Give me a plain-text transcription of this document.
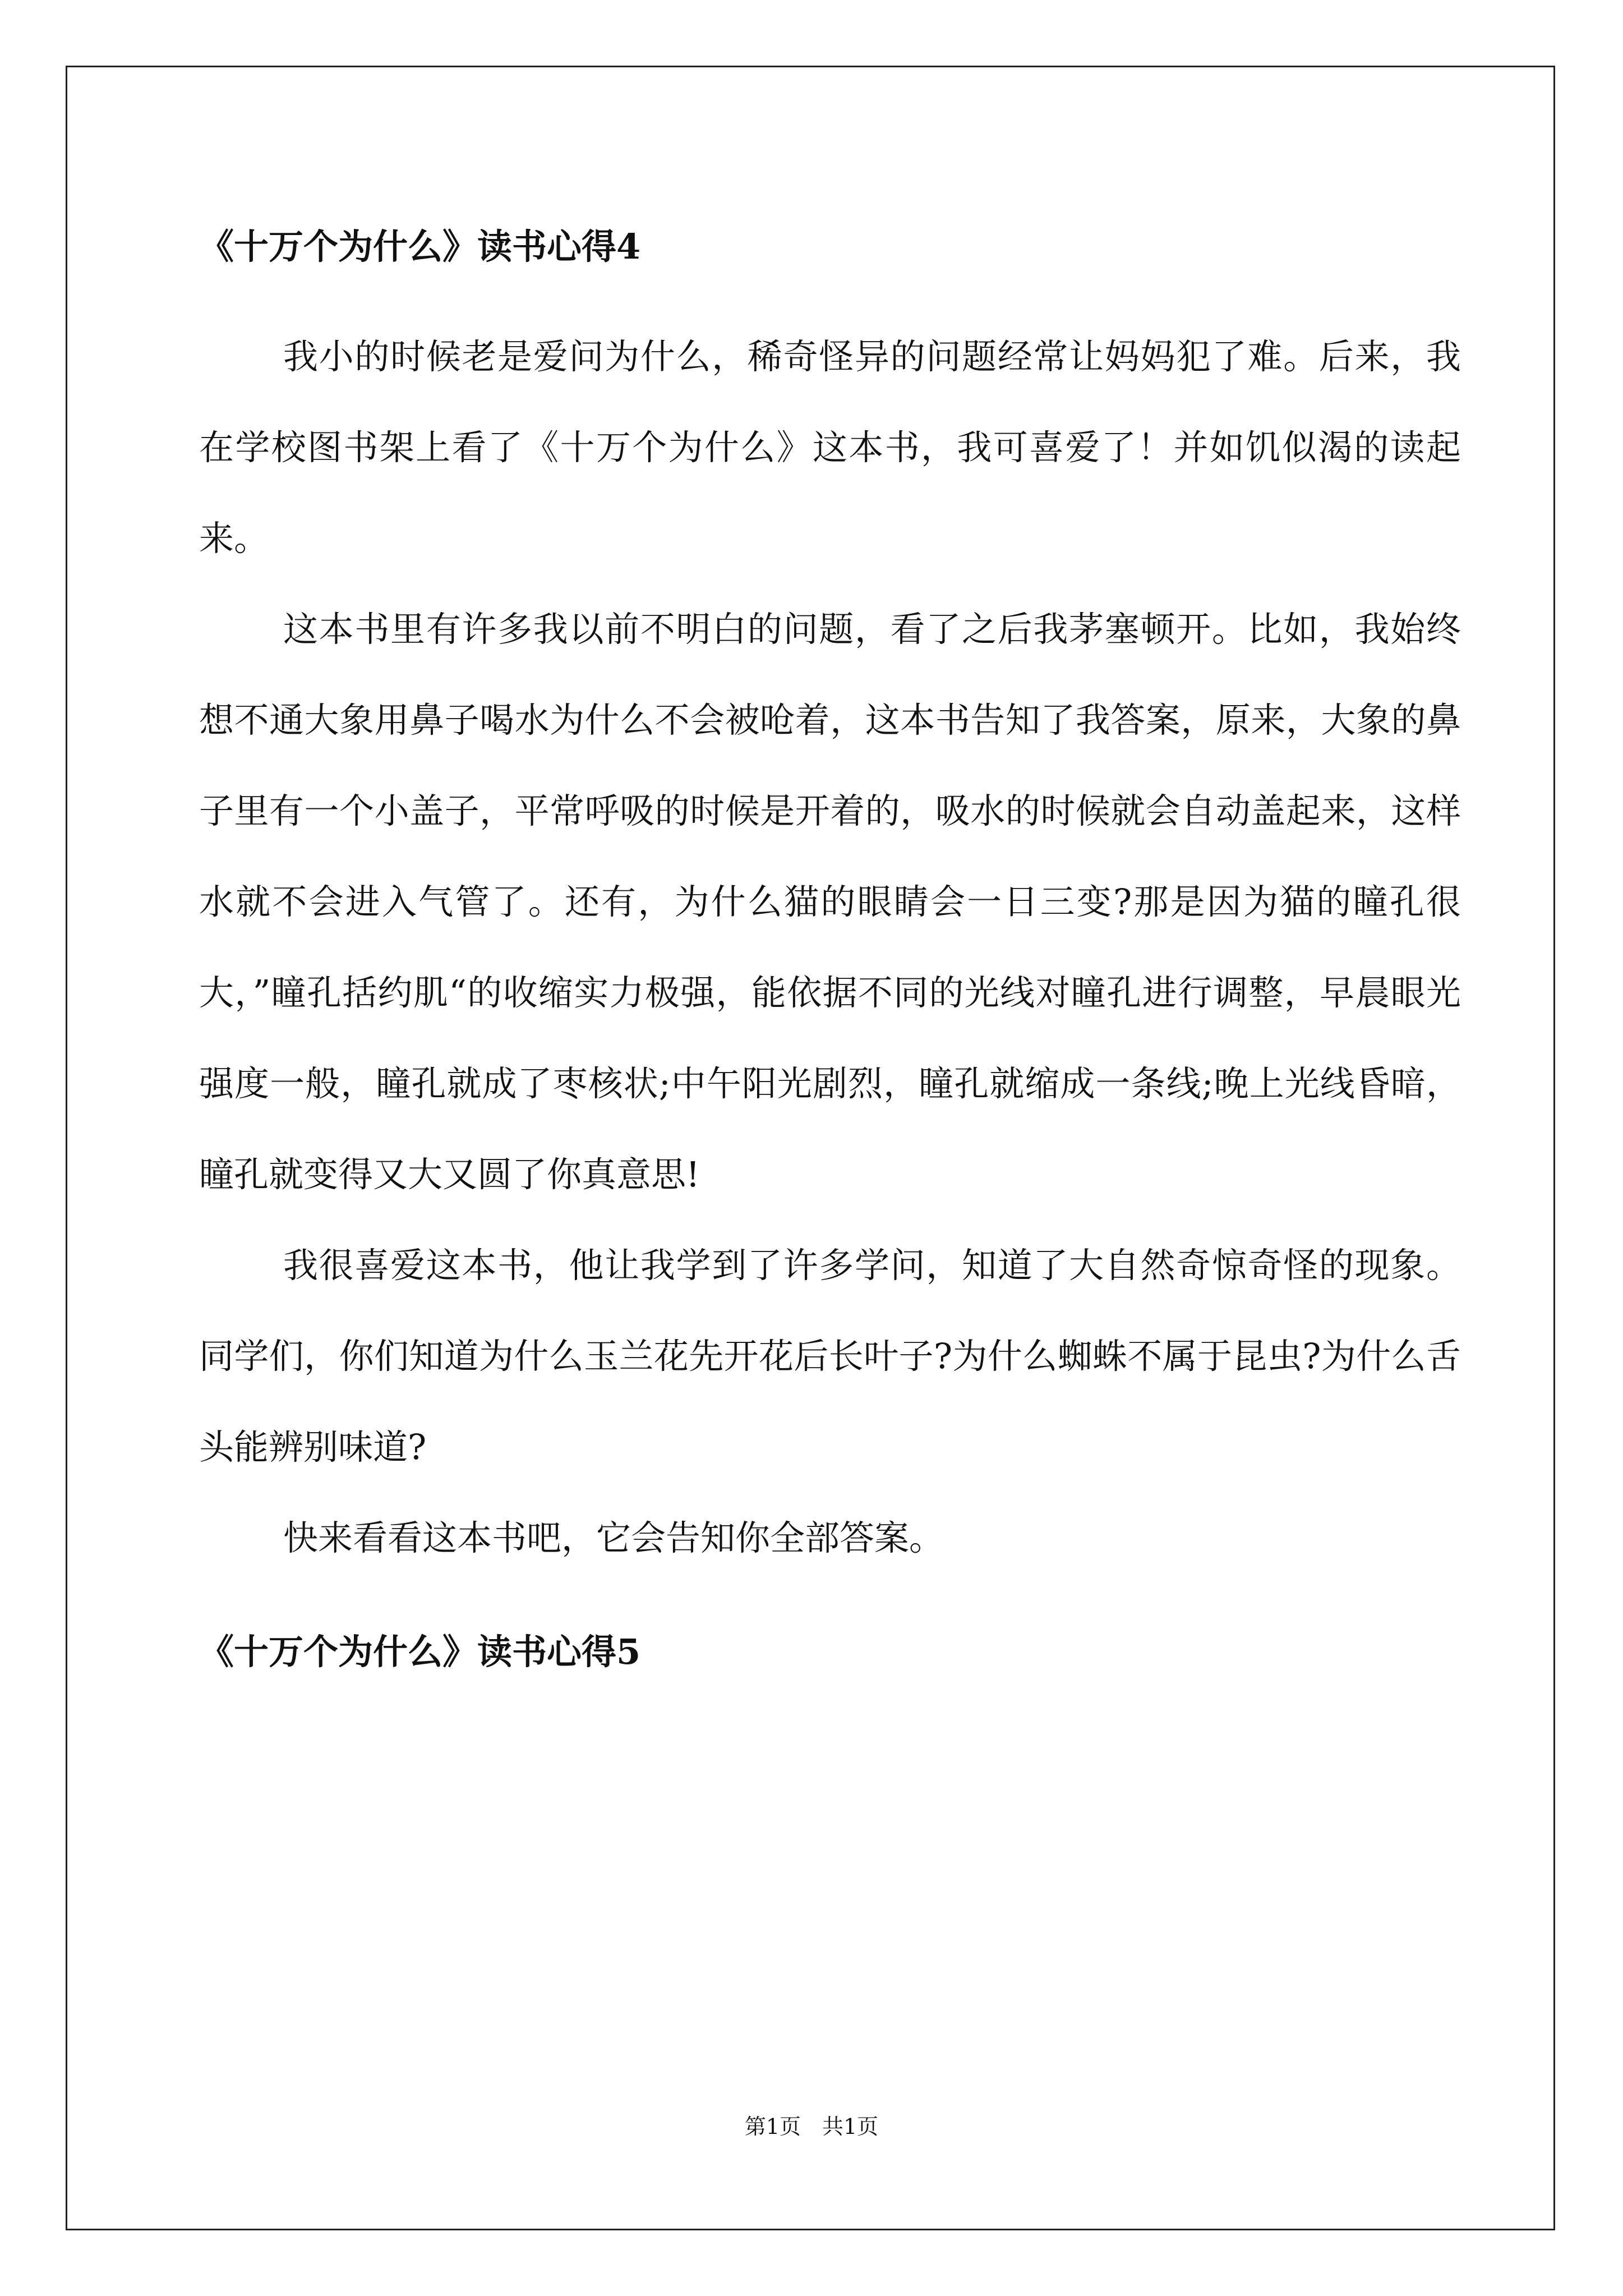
《十万个为什么》读书心得4

我小的时候老是爱问为什么，稀奇怪异的问题经常让妈妈犯了难。后来，我在学校图书架上看了《十万个为什么》这本书，我可喜爱了！并如饥似渴的读起来。

这本书里有许多我以前不明白的问题，看了之后我茅塞顿开。比如，我始终想不通大象用鼻子喝水为什么不会被呛着，这本书告知了我答案，原来，大象的鼻子里有一个小盖子，平常呼吸的时候是开着的，吸水的时候就会自动盖起来，这样水就不会进入气管了。还有，为什么猫的眼睛会一日三变?那是因为猫的瞳孔很大，”瞳孔括约肌“的收缩实力极强，能依据不同的光线对瞳孔进行调整，早晨眼光强度一般，瞳孔就成了枣核状;中午阳光剧烈，瞳孔就缩成一条线;晚上光线昏暗，瞳孔就变得又大又圆了你真意思!

我很喜爱这本书，他让我学到了许多学问，知道了大自然奇惊奇怪的现象。同学们，你们知道为什么玉兰花先开花后长叶子?为什么蜘蛛不属于昆虫?为什么舌头能辨别味道?

快来看看这本书吧，它会告知你全部答案。

《十万个为什么》读书心得5
第1页　共1页
